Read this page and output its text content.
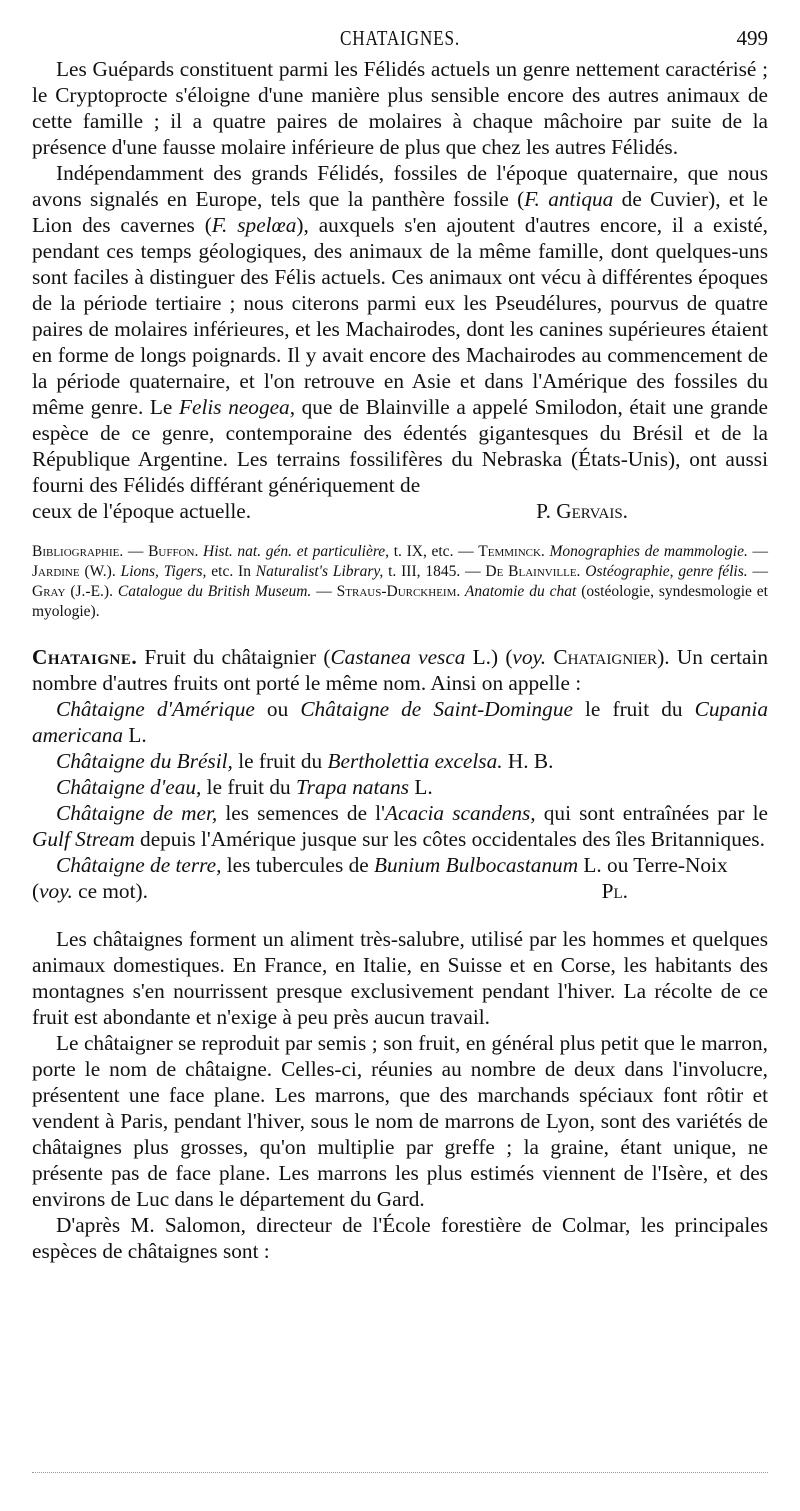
CHATAIGNES.	499

Les Guépards constituent parmi les Félidés actuels un genre nettement caractérisé ; le Cryptoprocte s'éloigne d'une manière plus sensible encore des autres animaux de cette famille ; il a quatre paires de molaires à chaque mâchoire par suite de la présence d'une fausse molaire inférieure de plus que chez les autres Félidés.

Indépendamment des grands Félidés, fossiles de l'époque quaternaire, que nous avons signalés en Europe, tels que la panthère fossile (F. antiqua de Cuvier), et le Lion des cavernes (F. spelœa), auxquels s'en ajoutent d'autres encore, il a existé, pendant ces temps géologiques, des animaux de la même famille, dont quelques-uns sont faciles à distinguer des Félis actuels. Ces animaux ont vécu à différentes époques de la période tertiaire ; nous citerons parmi eux les Pseudélures, pourvus de quatre paires de molaires inférieures, et les Machairodes, dont les canines supérieures étaient en forme de longs poignards. Il y avait encore des Machairodes au commencement de la période quaternaire, et l'on retrouve en Asie et dans l'Amérique des fossiles du même genre. Le Felis neogea, que de Blainville a appelé Smilodon, était une grande espèce de ce genre, contemporaine des édentés gigantesques du Brésil et de la République Argentine. Les terrains fossilifères du Nebraska (États-Unis), ont aussi fourni des Félidés différant génériquement de

ceux de l'époque actuelle.	P. Gervais.

Bibliographie. — Buffon. Hist. nat. gén. et particulière, t. IX, etc. — Temminck. Monographies de mammologie. — Jardine (W.). Lions, Tigers, etc. In Naturalist's Library, t. III, 1845. — De Blainville. Ostéographie, genre félis. — Gray (J.-E.). Catalogue du British Museum. — Straus-Durckheim. Anatomie du chat (ostéologie, syndesmologie et myologie).

Chataigne. Fruit du châtaignier (Castanea vesca L.) (voy. Chataignier). Un certain nombre d'autres fruits ont porté le même nom. Ainsi on appelle :

Châtaigne d'Amérique ou Châtaigne de Saint-Domingue le fruit du Cupania americana L.

Châtaigne du Brésil, le fruit du Bertholettia excelsa. H. B.

Châtaigne d'eau, le fruit du Trapa natans L.

Châtaigne de mer, les semences de l'Acacia scandens, qui sont entraînées par le Gulf Stream depuis l'Amérique jusque sur les côtes occidentales des îles Britanniques.

Châtaigne de terre, les tubercules de Bunium Bulbocastanum L. ou Terre-Noix

(voy. ce mot).	Pl.

Les châtaignes forment un aliment très-salubre, utilisé par les hommes et quelques animaux domestiques. En France, en Italie, en Suisse et en Corse, les habitants des montagnes s'en nourrissent presque exclusivement pendant l'hiver. La récolte de ce fruit est abondante et n'exige à peu près aucun travail.

Le châtaigner se reproduit par semis ; son fruit, en général plus petit que le marron, porte le nom de châtaigne. Celles-ci, réunies au nombre de deux dans l'involucre, présentent une face plane. Les marrons, que des marchands spéciaux font rôtir et vendent à Paris, pendant l'hiver, sous le nom de marrons de Lyon, sont des variétés de châtaignes plus grosses, qu'on multiplie par greffe ; la graine, étant unique, ne présente pas de face plane. Les marrons les plus estimés viennent de l'Isère, et des environs de Luc dans le département du Gard.

D'après M. Salomon, directeur de l'École forestière de Colmar, les principales espèces de châtaignes sont :
